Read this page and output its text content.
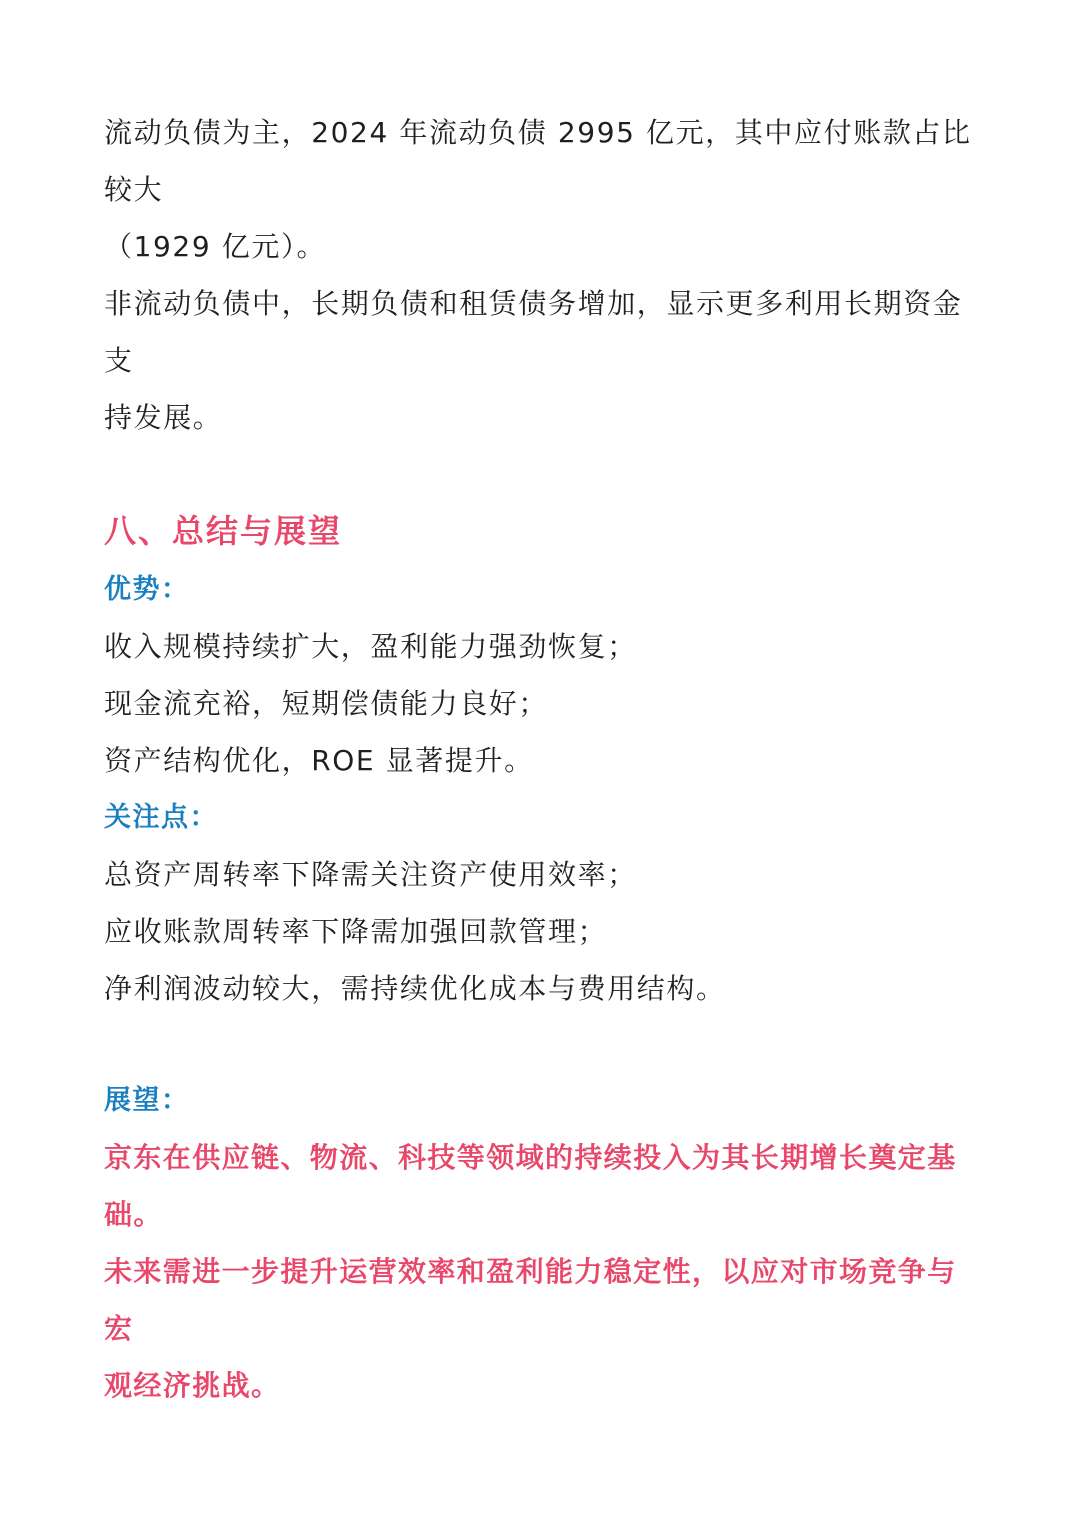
流动负债为主，2024 年流动负债 2995 亿元，其中应付账款占比较大

（1929 亿元）。

非流动负债中，长期负债和租赁债务增加，显示更多利用长期资金支

持发展。

八、总结与展望
优势：

收入规模持续扩大，盈利能力强劲恢复；

现金流充裕，短期偿债能力良好；

资产结构优化，ROE 显著提升。

关注点：

总资产周转率下降需关注资产使用效率；

应收账款周转率下降需加强回款管理；

净利润波动较大，需持续优化成本与费用结构。

展望：

京东在供应链、物流、科技等领域的持续投入为其长期增长奠定基础。

未来需进一步提升运营效率和盈利能力稳定性，以应对市场竞争与宏

观经济挑战。
